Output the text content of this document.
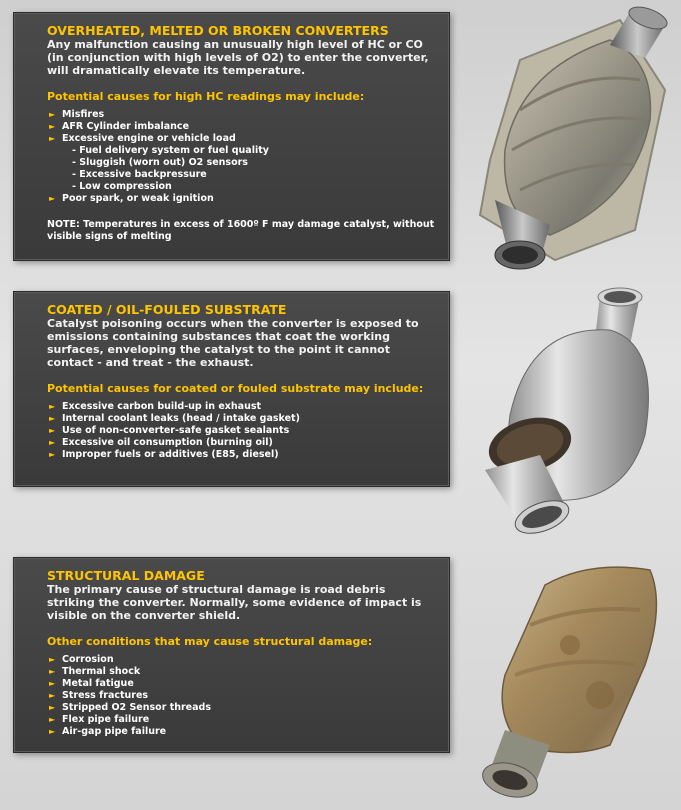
OVERHEATED, MELTED OR BROKEN CONVERTERS

Any malfunction causing an unusually high level of HC or CO (in conjunction with high levels of O2) to enter the converter, will dramatically elevate its temperature.

Potential causes for high HC readings may include:

► Misfires
► AFR Cylinder imbalance
► Excessive engine or vehicle load
- Fuel delivery system or fuel quality
- Sluggish (worn out) O2 sensors
- Excessive backpressure
- Low compression
► Poor spark, or weak ignition

NOTE: Temperatures in excess of 1600º F may damage catalyst, without visible signs of melting

COATED / OIL-FOULED SUBSTRATE

Catalyst poisoning occurs when the converter is exposed to emissions containing substances that coat the working surfaces, enveloping the catalyst to the point it cannot contact - and treat - the exhaust.

Potential causes for coated or fouled substrate may include:

► Excessive carbon build-up in exhaust
► Internal coolant leaks (head / intake gasket)
► Use of non-converter-safe gasket sealants
► Excessive oil consumption (burning oil)
► Improper fuels or additives (E85, diesel)
STRUCTURAL DAMAGE

The primary cause of structural damage is road debris striking the converter. Normally, some evidence of impact is visible on the converter shield.

Other conditions that may cause structural damage:

► Corrosion
► Thermal shock
► Metal fatigue
► Stress fractures
► Stripped O2 Sensor threads
► Flex pipe failure
► Air-gap pipe failure
